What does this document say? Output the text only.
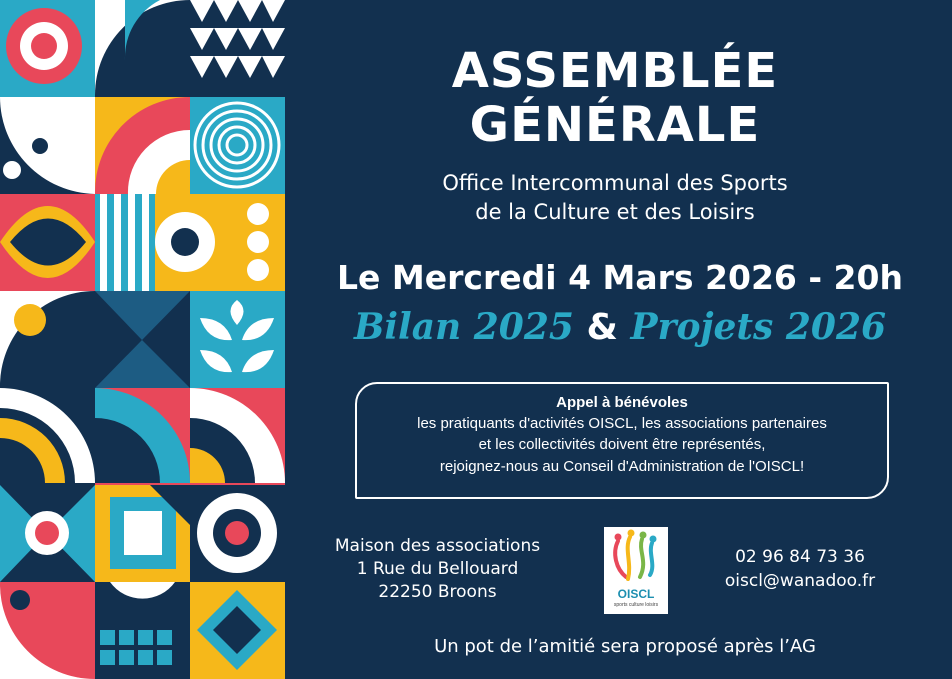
ASSEMBLÉE
GÉNÉRALE
Office Intercommunal des Sports
de la Culture et des Loisirs
Le Mercredi 4 Mars 2026 - 20h
Bilan 2025 & Projets 2026
Appel à bénévoles
les pratiquants d'activités OISCL, les associations partenaires
et les collectivités doivent être représentés,
rejoignez-nous au Conseil d'Administration de l'OISCL!
Maison des associations
1 Rue du Bellouard
22250 Broons	OISCL
sports culture loisirs
02 96 84 73 36
oiscl@wanadoo.fr
Un pot de l’amitié sera proposé après l’AG
